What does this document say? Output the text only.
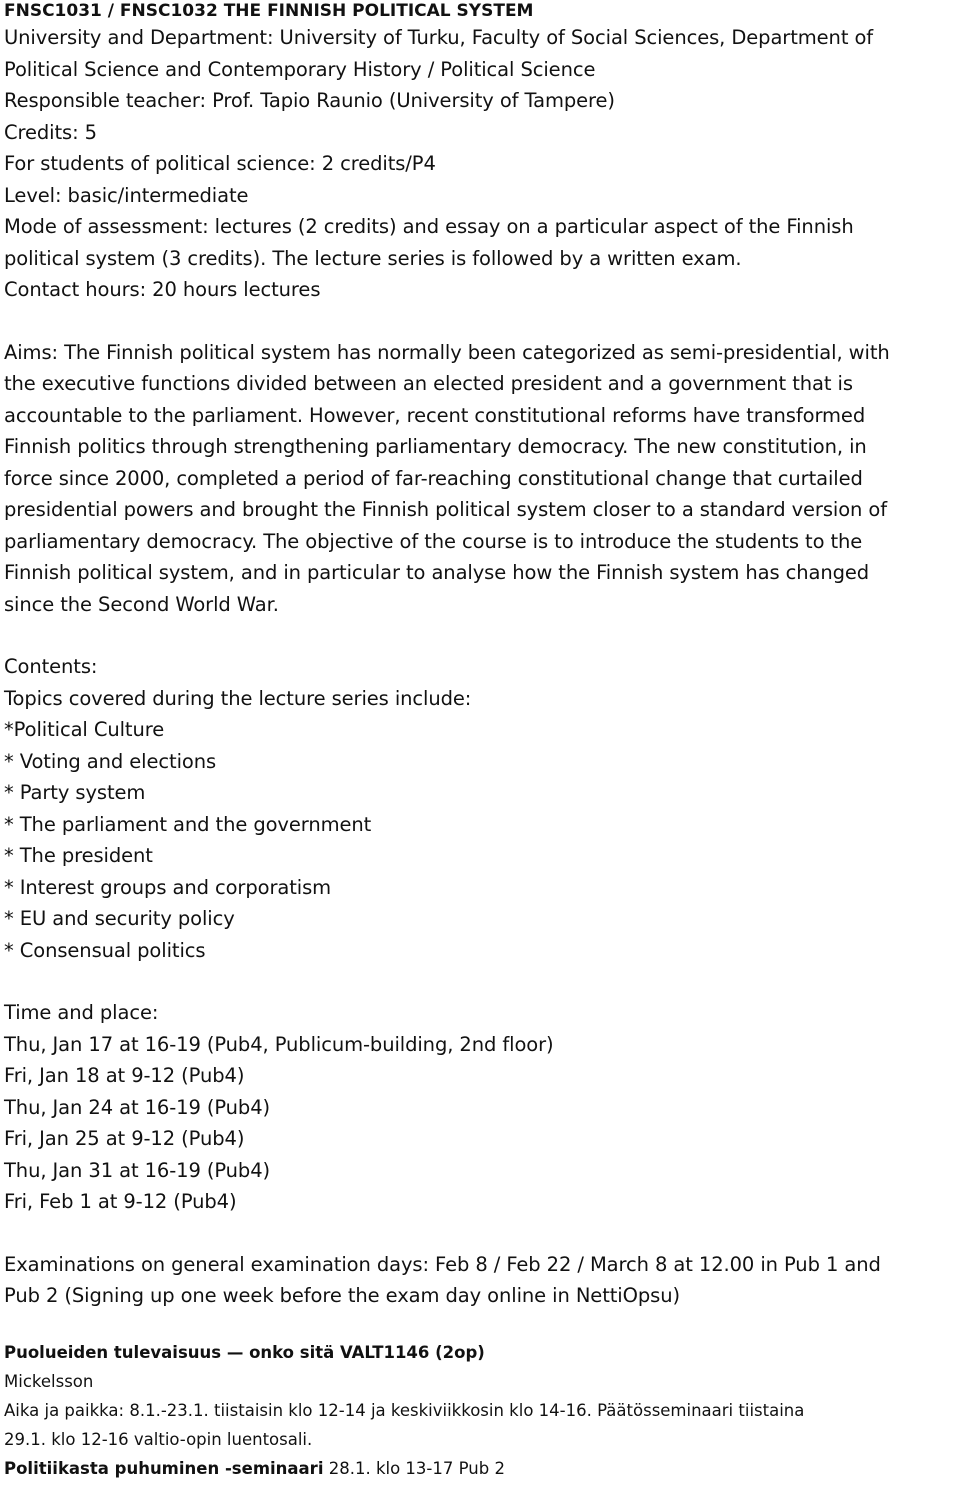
FNSC1031 / FNSC1032 THE FINNISH POLITICAL SYSTEM
University and Department: University of Turku, Faculty of Social Sciences, Department of
Political Science and Contemporary History / Political Science
Responsible teacher: Prof. Tapio Raunio (University of Tampere)
Credits: 5
For students of political science: 2 credits/P4
Level: basic/intermediate
Mode of assessment: lectures (2 credits) and essay on a particular aspect of the Finnish
political system (3 credits). The lecture series is followed by a written exam.
Contact hours: 20 hours lectures
Aims: The Finnish political system has normally been categorized as semi-presidential, with
the executive functions divided between an elected president and a government that is
accountable to the parliament. However, recent constitutional reforms have transformed
Finnish politics through strengthening parliamentary democracy. The new constitution, in
force since 2000, completed a period of far-reaching constitutional change that curtailed
presidential powers and brought the Finnish political system closer to a standard version of
parliamentary democracy. The objective of the course is to introduce the students to the
Finnish political system, and in particular to analyse how the Finnish system has changed
since the Second World War.
Contents:
Topics covered during the lecture series include:
*Political Culture
* Voting and elections
* Party system
* The parliament and the government
* The president
* Interest groups and corporatism
* EU and security policy
* Consensual politics
Time and place:
Thu, Jan 17 at 16-19 (Pub4, Publicum-building, 2nd floor)
Fri, Jan 18 at 9-12 (Pub4)
Thu, Jan 24 at 16-19 (Pub4)
Fri, Jan 25 at 9-12 (Pub4)
Thu, Jan 31 at 16-19 (Pub4)
Fri, Feb 1 at 9-12 (Pub4)
Examinations on general examination days: Feb 8 / Feb 22 / March 8 at 12.00 in Pub 1 and
Pub 2 (Signing up one week before the exam day online in NettiOpsu)
Puolueiden tulevaisuus — onko sitä VALT1146 (2op)
Mickelsson
Aika ja paikka: 8.1.-23.1. tiistaisin klo 12-14 ja keskiviikkosin klo 14-16. Päätösseminaari tiistaina
29.1. klo 12-16 valtio-opin luentosali.
Politiikasta puhuminen -seminaari 28.1. klo 13-17 Pub 2
